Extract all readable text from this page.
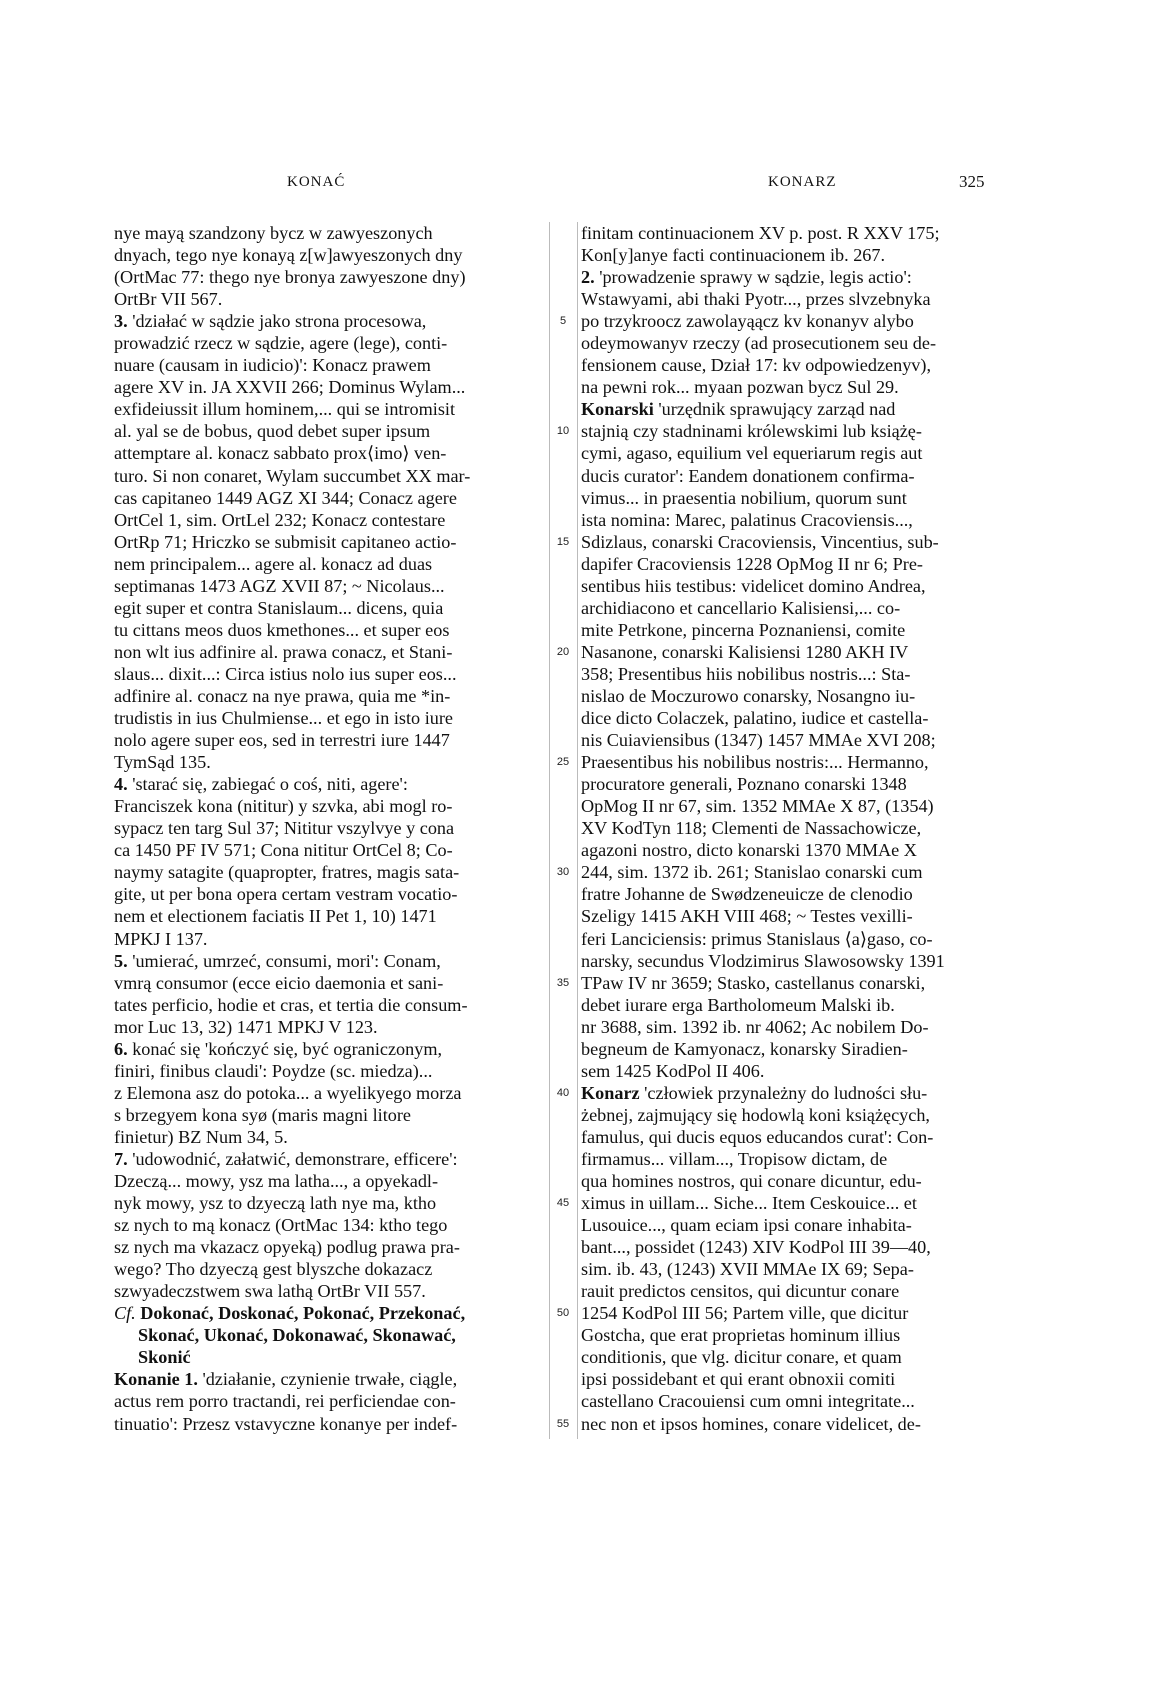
KONAĆ	KONARZ	325
5
10
15
20
25
30
35
40
45
50
55
nye mayą szandzony bycz w zawyeszonych
dnyach, tego nye konayą z[w]awyeszonych dny
(OrtMac 77: thego nye bronya zawyeszone dny)
OrtBr VII 567.
3. 'działać w sądzie jako strona procesowa,
prowadzić rzecz w sądzie, agere (lege), conti-
nuare (causam in iudicio)': Konacz prawem
agere XV in. JA XXVII 266; Dominus Wylam...
exfideiussit illum hominem,... qui se intromisit
al. yal se de bobus, quod debet super ipsum
attemptare al. konacz sabbato prox⟨imo⟩ ven-
turo. Si non conaret, Wylam succumbet XX mar-
cas capitaneo 1449 AGZ XI 344; Conacz agere
OrtCel 1, sim. OrtLel 232; Konacz contestare
OrtRp 71; Hriczko se submisit capitaneo actio-
nem principalem... agere al. konacz ad duas
septimanas 1473 AGZ XVII 87; ~ Nicolaus...
egit super et contra Stanislaum... dicens, quia
tu cittans meos duos kmethones... et super eos
non wlt ius adfinire al. prawa conacz, et Stani-
slaus... dixit...: Circa istius nolo ius super eos...
adfinire al. conacz na nye prawa, quia me *in-
trudistis in ius Chulmiense... et ego in isto iure
nolo agere super eos, sed in terrestri iure 1447
TymSąd 135.
4. 'starać się, zabiegać o coś, niti, agere':
Franciszek kona (nititur) y szvka, abi mogl ro-
sypacz ten targ Sul 37; Nititur vszylvye y cona
ca 1450 PF IV 571; Cona nititur OrtCel 8; Co-
naymy satagite (quapropter, fratres, magis sata-
gite, ut per bona opera certam vestram vocatio-
nem et electionem faciatis II Pet 1, 10) 1471
MPKJ I 137.
5. 'umierać, umrzeć, consumi, mori': Conam,
vmrą consumor (ecce eicio daemonia et sani-
tates perficio, hodie et cras, et tertia die consum-
mor Luc 13, 32) 1471 MPKJ V 123.
6. konać się 'kończyć się, być ograniczonym,
finiri, finibus claudi': Poydze (sc. miedza)...
z Elemona asz do potoka... a wyelikyego morza
s brzegyem kona syø (maris magni litore
finietur) BZ Num 34, 5.
7. 'udowodnić, załatwić, demonstrare, efficere':
Dzeczą... mowy, ysz ma latha..., a opyekadl-
nyk mowy, ysz to dzyeczą lath nye ma, ktho
sz nych to mą konacz (OrtMac 134: ktho tego
sz nych ma vkazacz opyeką) podlug prawa pra-
wego? Tho dzyeczą gest blyszche dokazacz
szwyadeczstwem swa lathą OrtBr VII 557.
Cf. Dokonać, Doskonać, Pokonać, Przekonać,
Skonać, Ukonać, Dokonawać, Skonawać,
Skonić
Konanie 1. 'działanie, czynienie trwałe, ciągle,
actus rem porro tractandi, rei perficiendae con-
tinuatio': Przesz vstavyczne konanye per indef-
finitam continuacionem XV p. post. R XXV 175;
Kon[y]anye facti continuacionem ib. 267.
2. 'prowadzenie sprawy w sądzie, legis actio':
Wstawyami, abi thaki Pyotr..., przes slvzebnyka
po trzykroocz zawolayąącz kv konanyv alybo
odeymowanyv rzeczy (ad prosecutionem seu de-
fensionem cause, Dział 17: kv odpowiedzenyv),
na pewni rok... myaan pozwan bycz Sul 29.
Konarski 'urzędnik sprawujący zarząd nad
stajnią czy stadninami królewskimi lub książę-
cymi, agaso, equilium vel equeriarum regis aut
ducis curator': Eandem donationem confirma-
vimus... in praesentia nobilium, quorum sunt
ista nomina: Marec, palatinus Cracoviensis...,
Sdizlaus, conarski Cracoviensis, Vincentius, sub-
dapifer Cracoviensis 1228 OpMog II nr 6; Pre-
sentibus hiis testibus: videlicet domino Andrea,
archidiacono et cancellario Kalisiensi,... co-
mite Petrkone, pincerna Poznaniensi, comite
Nasanone, conarski Kalisiensi 1280 AKH IV
358; Presentibus hiis nobilibus nostris...: Sta-
nislao de Moczurowo conarsky, Nosangno iu-
dice dicto Colaczek, palatino, iudice et castella-
nis Cuiaviensibus (1347) 1457 MMAe XVI 208;
Praesentibus his nobilibus nostris:... Hermanno,
procuratore generali, Poznano conarski 1348
OpMog II nr 67, sim. 1352 MMAe X 87, (1354)
XV KodTyn 118; Clementi de Nassachowicze,
agazoni nostro, dicto konarski 1370 MMAe X
244, sim. 1372 ib. 261; Stanislao conarski cum
fratre Johanne de Swødzeneuicze de clenodio
Szeligy 1415 AKH VIII 468; ~ Testes vexilli-
feri Lanciciensis: primus Stanislaus ⟨a⟩gaso, co-
narsky, secundus Vlodzimirus Slawosowsky 1391
TPaw IV nr 3659; Stasko, castellanus conarski,
debet iurare erga Bartholomeum Malski ib.
nr 3688, sim. 1392 ib. nr 4062; Ac nobilem Do-
begneum de Kamyonacz, konarsky Siradien-
sem 1425 KodPol II 406.
Konarz 'człowiek przynależny do ludności słu-
żebnej, zajmujący się hodowlą koni książęcych,
famulus, qui ducis equos educandos curat': Con-
firmamus... villam..., Tropisow dictam, de
qua homines nostros, qui conare dicuntur, edu-
ximus in uillam... Siche... Item Ceskouice... et
Lusouice..., quam eciam ipsi conare inhabita-
bant..., possidet (1243) XIV KodPol III 39—40,
sim. ib. 43, (1243) XVII MMAe IX 69; Sepa-
rauit predictos censitos, qui dicuntur conare
1254 KodPol III 56; Partem ville, que dicitur
Gostcha, que erat proprietas hominum illius
conditionis, que vlg. dicitur conare, et quam
ipsi possidebant et qui erant obnoxii comiti
castellano Cracouiensi cum omni integritate...
nec non et ipsos homines, conare videlicet, de-
